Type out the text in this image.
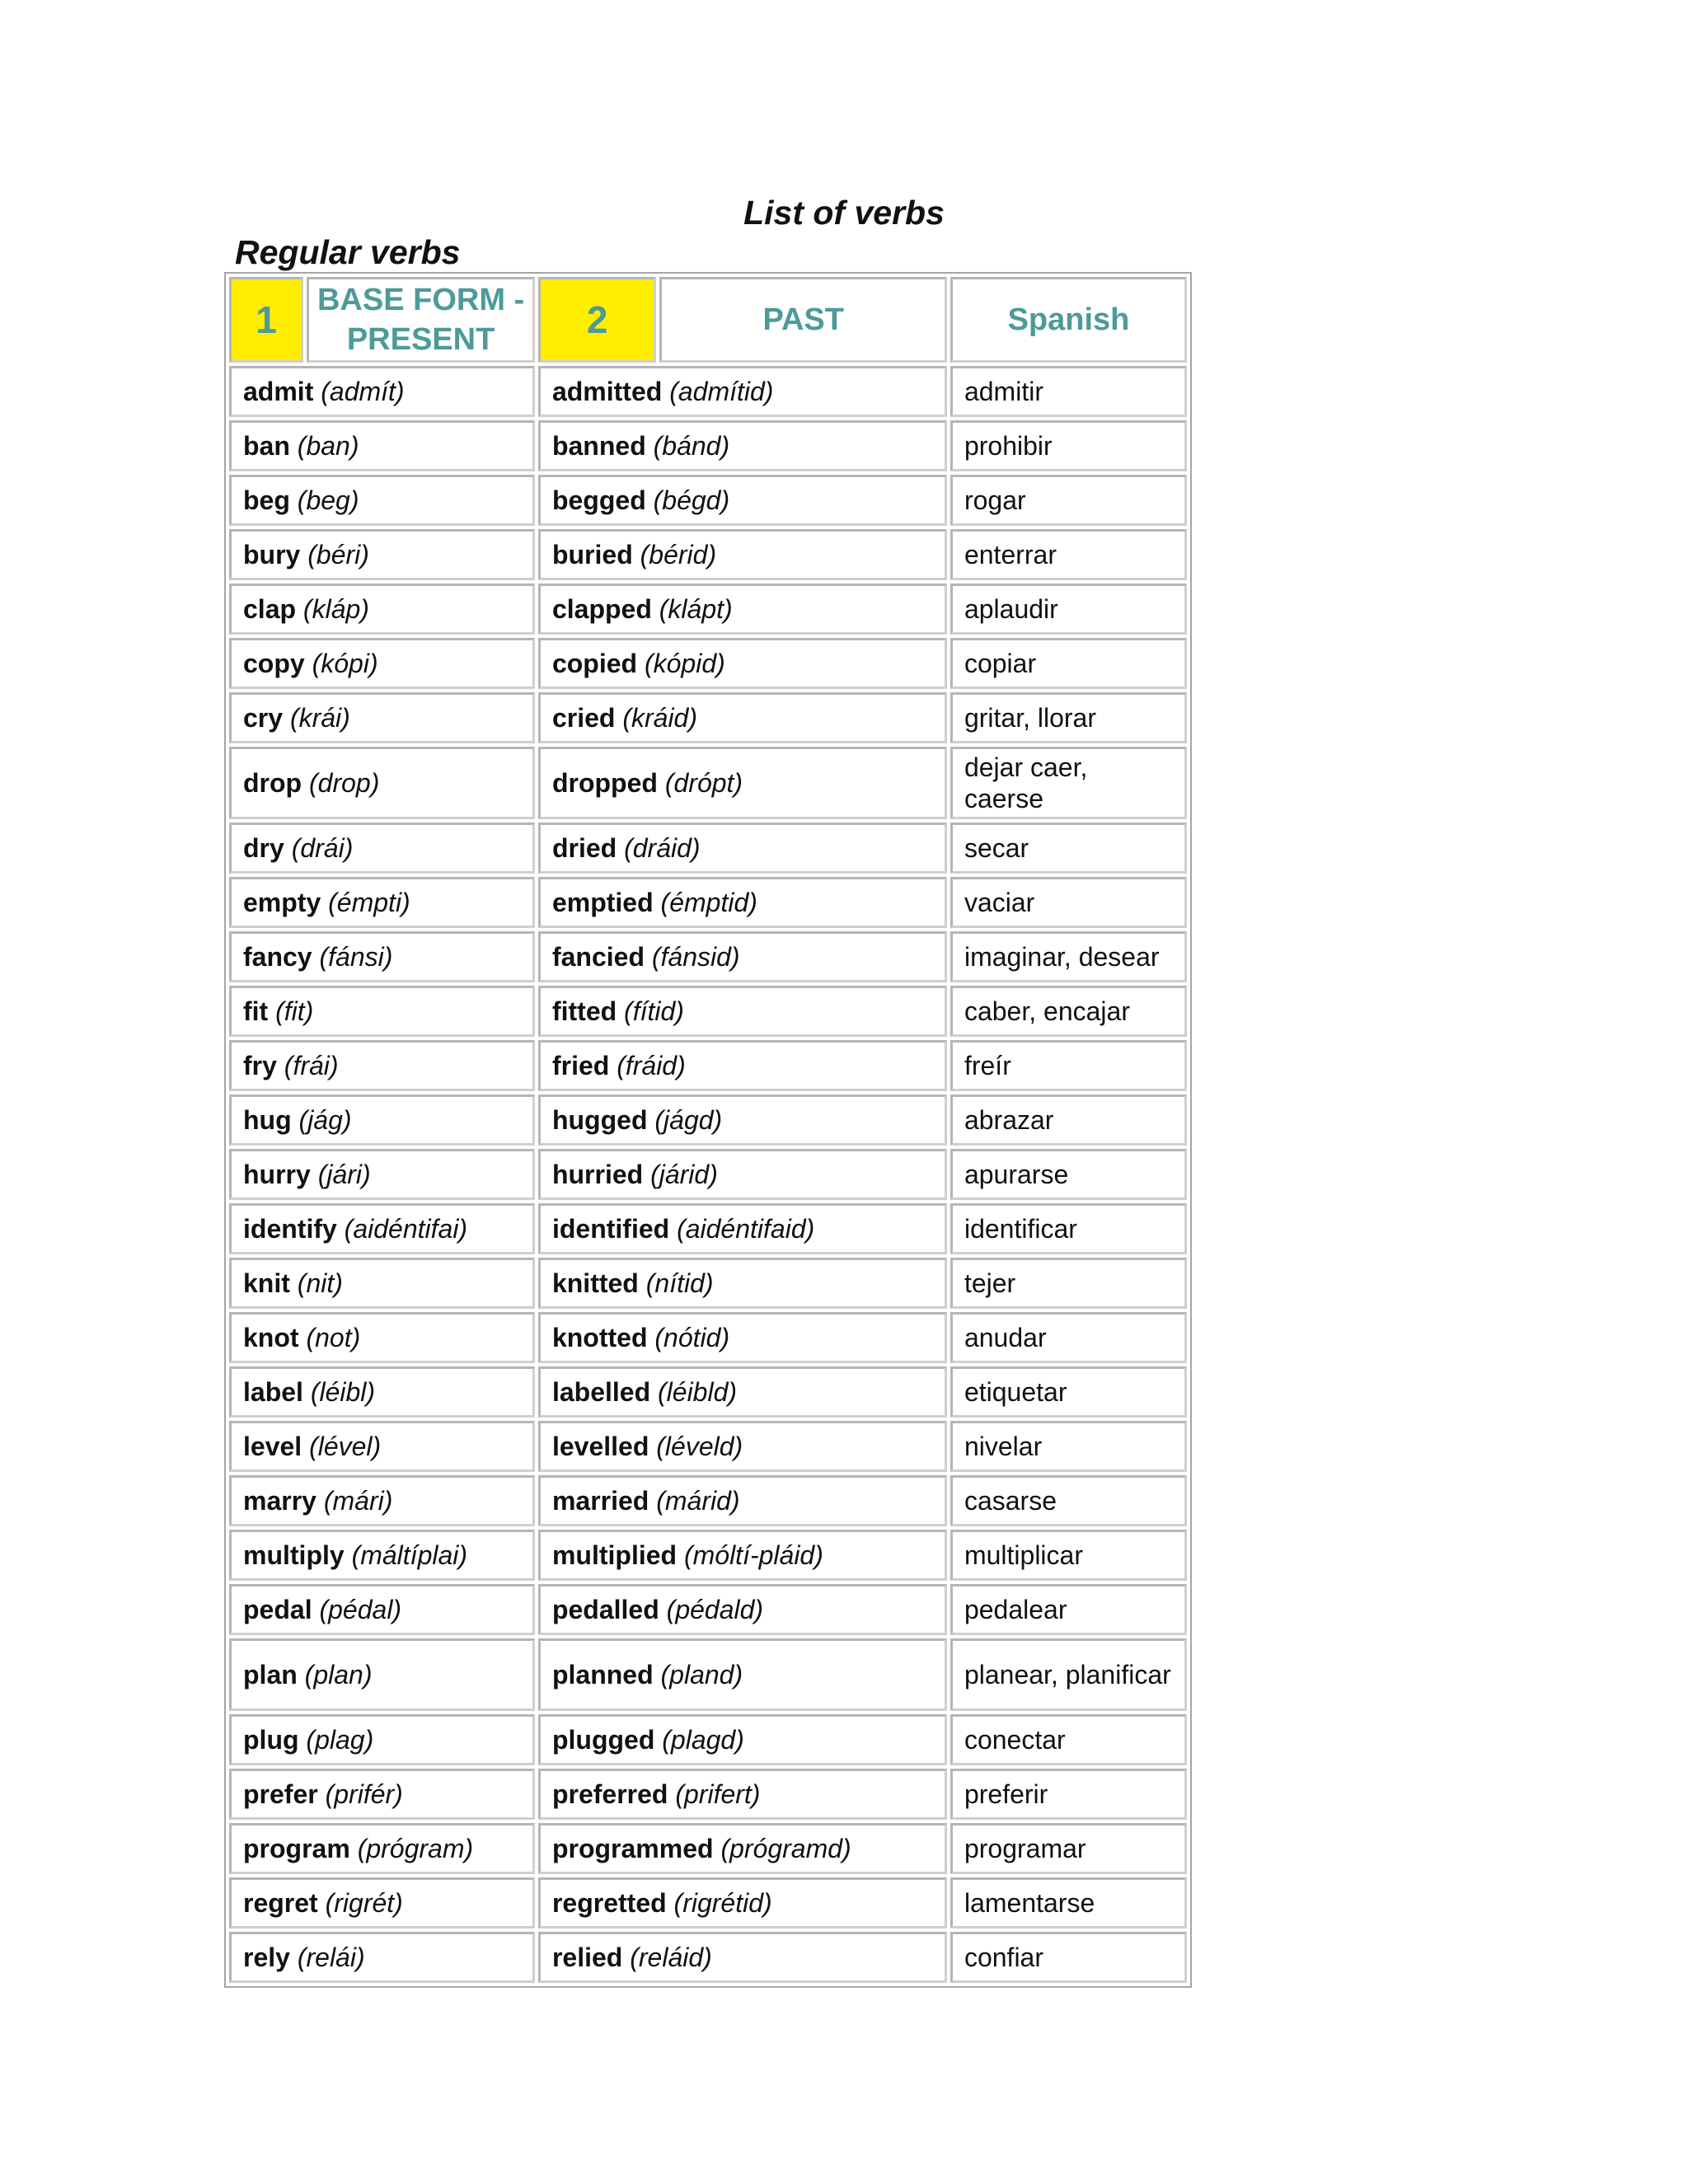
List of verbs
Regular verbs
1	BASE FORM - PRESENT	2	PAST	Spanish
admit (admít)		admitted (admítid)		admitir
ban (ban)		banned (bánd)		prohibir
beg (beg)		begged (bégd)		rogar
bury (béri)		buried (bérid)		enterrar
clap (kláp)		clapped (klápt)		aplaudir
copy (kópi)		copied (kópid)		copiar
cry (krái)		cried (kráid)		gritar, llorar
drop (drop)		dropped (drópt)		dejar caer, caerse
dry (drái)		dried (dráid)		secar
empty (émpti)		emptied (émptid)		vaciar
fancy (fánsi)		fancied (fánsid)		imaginar, desear
fit (fit)		fitted (fítid)		caber, encajar
fry (frái)		fried (fráid)		freír
hug (jág)		hugged (jágd)		abrazar
hurry (jári)		hurried (járid)		apurarse
identify (aidéntifai)		identified (aidéntifaid)		identificar
knit (nit)		knitted (nítid)		tejer
knot (not)		knotted (nótid)		anudar
label (léibl)		labelled (léibld)		etiquetar
level (lével)		levelled (léveld)		nivelar
marry (mári)		married (márid)		casarse
multiply (máltíplai)		multiplied (móltí-pláid)		multiplicar
pedal (pédal)		pedalled (pédald)		pedalear
plan (plan)		planned (pland)		planear, planificar
plug (plag)		plugged (plagd)		conectar
prefer (prifér)		preferred (prifert)		preferir
program (prógram)		programmed (prógramd)		programar
regret (rigrét)		regretted (rigrétid)		lamentarse
rely (relái)		relied (reláid)		confiar
